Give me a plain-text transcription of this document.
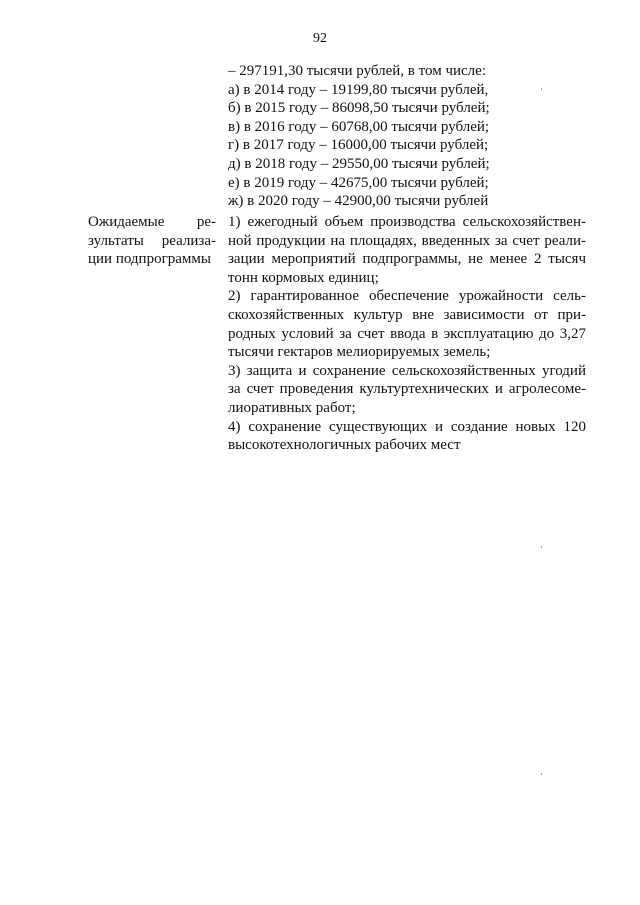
92
– 297191,30 тысячи рублей, в том числе:
а) в 2014 году – 19199,80 тысячи рублей,
б) в 2015 году – 86098,50 тысячи рублей;
в) в 2016 году – 60768,00 тысячи рублей;
г) в 2017 году – 16000,00 тысячи рублей;
д) в 2018 году – 29550,00 тысячи рублей;
е) в 2019 году – 42675,00 тысячи рублей;
ж) в 2020 году – 42900,00 тысячи рублей
Ожидаемые ре-
зультаты реализа-
ции подпрограммы
1) ежегодный объем производства сельскохозяйствен-
ной продукции на площадях, введенных за счет реали-
зации мероприятий подпрограммы, не менее 2 тысяч
тонн кормовых единиц;
2) гарантированное обеспечение урожайности сель-
скохозяйственных культур вне зависимости от при-
родных условий за счет ввода в эксплуатацию до 3,27
тысячи гектаров мелиорируемых земель;
3) защита и сохранение сельскохозяйственных угодий
за счет проведения культуртехнических и агролесоме-
лиоративных работ;
4) сохранение существующих и создание новых 120
высокотехнологичных рабочих мест
